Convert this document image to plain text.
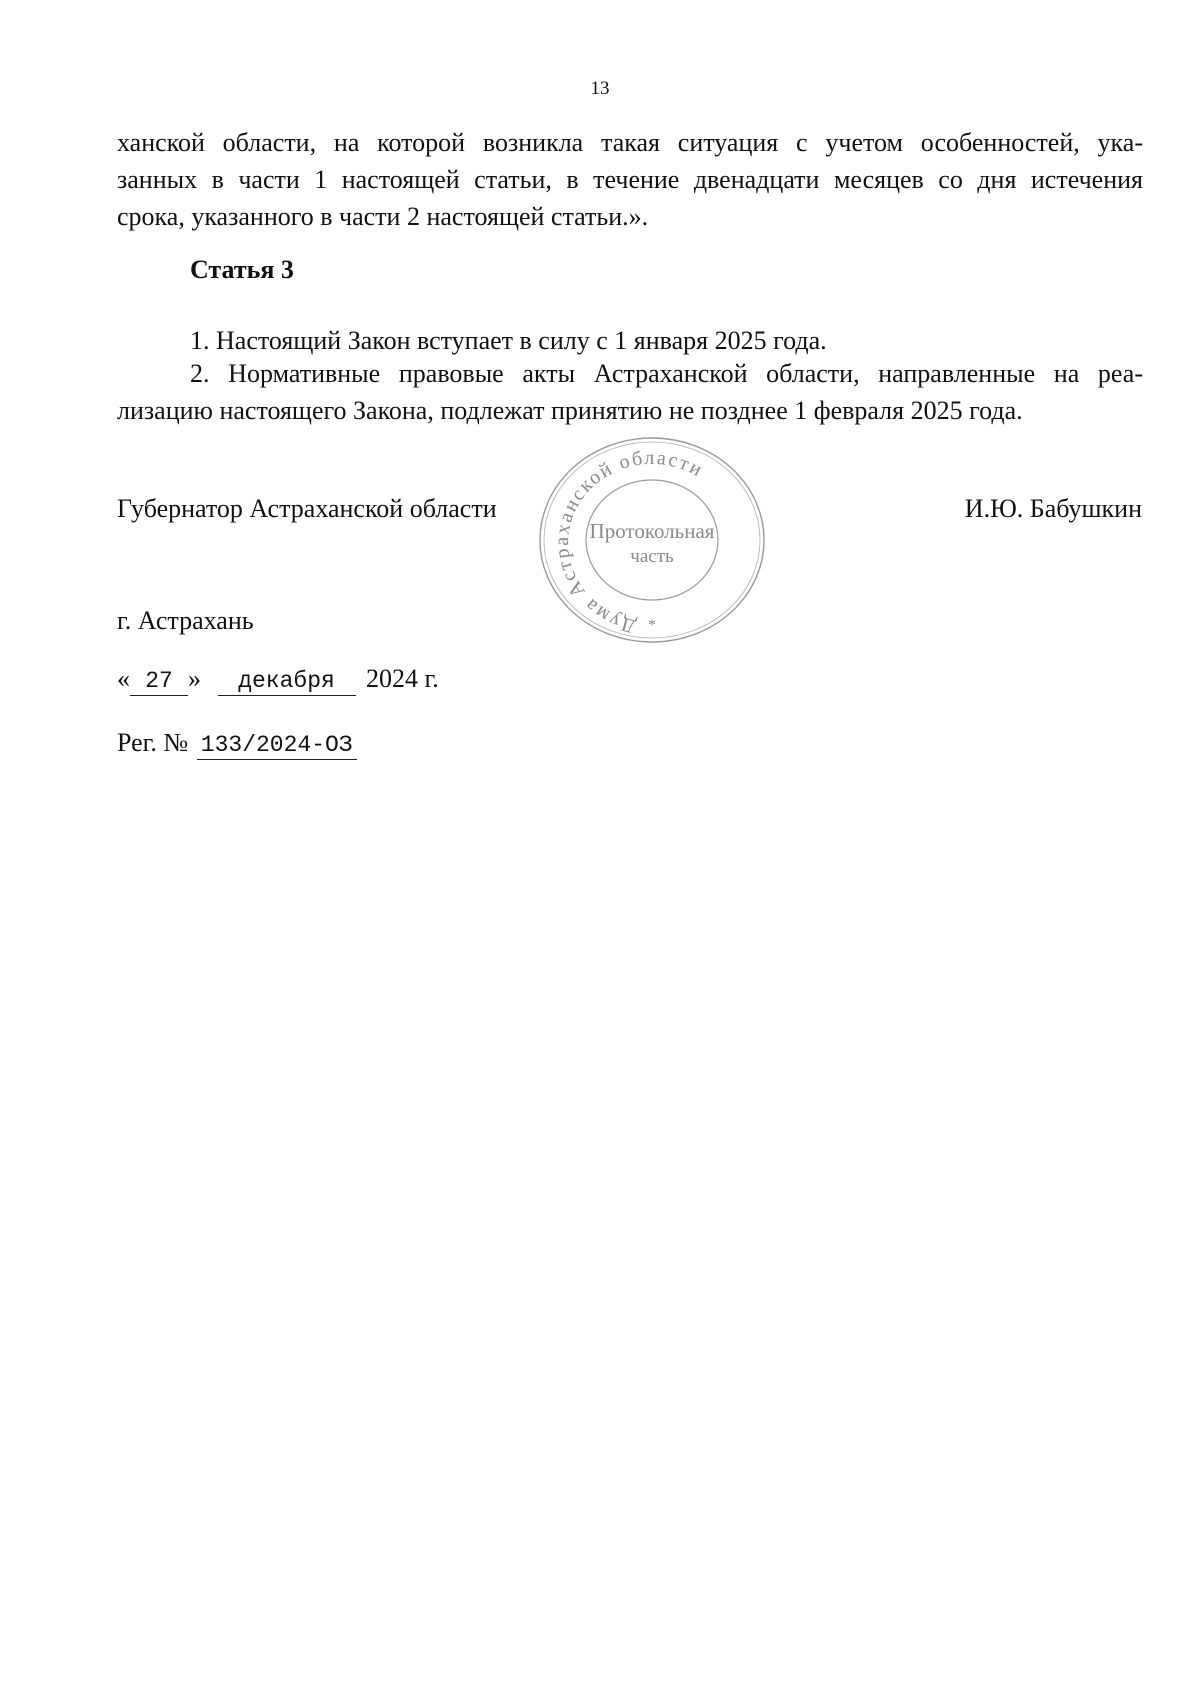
13
ханской области, на которой возникла такая ситуация с учетом особенностей, ука-
занных в части 1 настоящей статьи, в течение двенадцати месяцев со дня истечения
срока, указанного в части 2 настоящей статьи.».
Статья 3
1. Настоящий Закон вступает в силу с 1 января 2025 года.
2. Нормативные правовые акты Астраханской области, направленные на реа-
лизацию настоящего Закона, подлежат принятию не позднее 1 февраля 2025 года.
Губернатор Астраханской области	И.Ю. Бабушкин
Дума Астраханской области
Протокольная
часть
*
г. Астрахань
« 27 » декабря 2024 г.
Рег. № 133/2024-ОЗ
